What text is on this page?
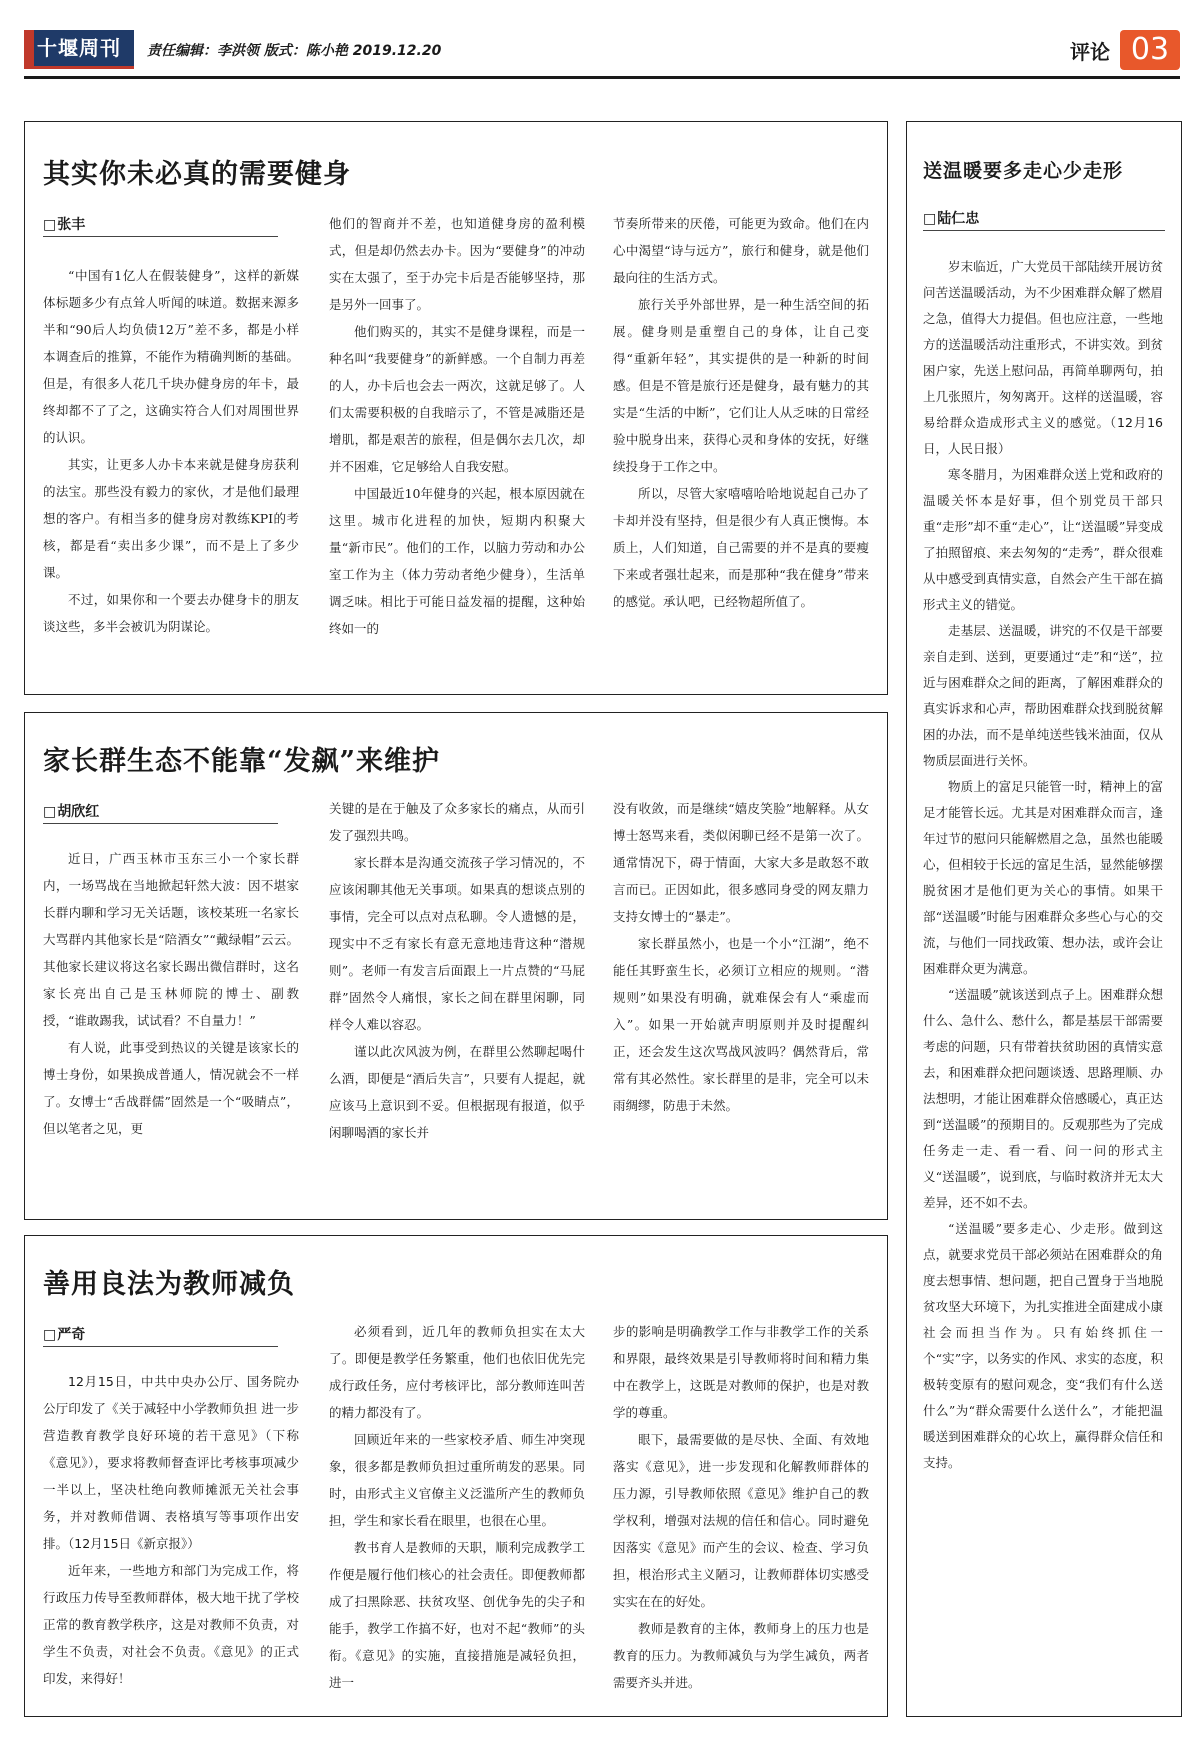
十堰周刊	责任编辑：李洪领 版式：陈小艳 2019.12.20	评论 03
其实你未必真的需要健身
□ 张丰

“中国有1亿人在假装健身”，这样的新媒体标题多少有点耸人听闻的味道。数据来源多半和“90后人均负债12万”差不多，都是小样本调查后的推算，不能作为精确判断的基础。但是，有很多人花几千块办健身房的年卡，最终却都不了了之，这确实符合人们对周围世界的认识。

其实，让更多人办卡本来就是健身房获利的法宝。那些没有毅力的家伙，才是他们最理想的客户。有相当多的健身房对教练KPI的考核，都是看“卖出多少课”，而不是上了多少课。

不过，如果你和一个要去办健身卡的朋友谈这些，多半会被讥为阴谋论。

他们的智商并不差，也知道健身房的盈利模式，但是却仍然去办卡。因为“要健身”的冲动实在太强了，至于办完卡后是否能够坚持，那是另外一回事了。

他们购买的，其实不是健身课程，而是一种名叫“我要健身”的新鲜感。一个自制力再差的人，办卡后也会去一两次，这就足够了。人们太需要积极的自我暗示了，不管是减脂还是增肌，都是艰苦的旅程，但是偶尔去几次，却并不困难，它足够给人自我安慰。

中国最近10年健身的兴起，根本原因就在这里。城市化进程的加快，短期内积聚大量“新市民”。他们的工作，以脑力劳动和办公室工作为主（体力劳动者绝少健身），生活单调乏味。相比于可能日益发福的提醒，这种始终如一的

节奏所带来的厌倦，可能更为致命。他们在内心中渴望“诗与远方”，旅行和健身，就是他们最向往的生活方式。

旅行关乎外部世界，是一种生活空间的拓展。健身则是重塑自己的身体，让自己变得“重新年轻”，其实提供的是一种新的时间感。但是不管是旅行还是健身，最有魅力的其实是“生活的中断”，它们让人从乏味的日常经验中脱身出来，获得心灵和身体的安抚，好继续投身于工作之中。

所以，尽管大家嘻嘻哈哈地说起自己办了卡却并没有坚持，但是很少有人真正懊悔。本质上，人们知道，自己需要的并不是真的要瘦下来或者强壮起来，而是那种“我在健身”带来的感觉。承认吧，已经物超所值了。

家长群生态不能靠“发飙”来维护
□ 胡欣红

近日，广西玉林市玉东三小一个家长群内，一场骂战在当地掀起轩然大波：因不堪家长群内聊和学习无关话题，该校某班一名家长大骂群内其他家长是“陪酒女”“戴绿帽”云云。其他家长建议将这名家长踢出微信群时，这名家长亮出自己是玉林师院的博士、副教授，“谁敢踢我，试试看？不自量力！”

有人说，此事受到热议的关键是该家长的博士身份，如果换成普通人，情况就会不一样了。女博士“舌战群儒”固然是一个“吸睛点”，但以笔者之见，更

关键的是在于触及了众多家长的痛点，从而引发了强烈共鸣。

家长群本是沟通交流孩子学习情况的，不应该闲聊其他无关事项。如果真的想谈点别的事情，完全可以点对点私聊。令人遗憾的是，现实中不乏有家长有意无意地违背这种“潜规则”。老师一有发言后面跟上一片点赞的“马屁群”固然令人痛恨，家长之间在群里闲聊，同样令人难以容忍。

谨以此次风波为例，在群里公然聊起喝什么酒，即便是“酒后失言”，只要有人提起，就应该马上意识到不妥。但根据现有报道，似乎闲聊喝酒的家长并

没有收敛，而是继续“嬉皮笑脸”地解释。从女博士怒骂来看，类似闲聊已经不是第一次了。通常情况下，碍于情面，大家大多是敢怒不敢言而已。正因如此，很多感同身受的网友鼎力支持女博士的“暴走”。

家长群虽然小，也是一个小“江湖”，绝不能任其野蛮生长，必须订立相应的规则。“潜规则”如果没有明确，就难保会有人“乘虚而入”。如果一开始就声明原则并及时提醒纠正，还会发生这次骂战风波吗？偶然背后，常常有其必然性。家长群里的是非，完全可以未雨绸缪，防患于未然。

善用良法为教师减负
□ 严奇

12月15日，中共中央办公厅、国务院办公厅印发了《关于减轻中小学教师负担 进一步营造教育教学良好环境的若干意见》（下称《意见》），要求将教师督查评比考核事项减少一半以上，坚决杜绝向教师摊派无关社会事务，并对教师借调、表格填写等事项作出安排。（12月15日《新京报》）

近年来，一些地方和部门为完成工作，将行政压力传导至教师群体，极大地干扰了学校正常的教育教学秩序，这是对教师不负责，对学生不负责，对社会不负责。《意见》的正式印发，来得好！

必须看到，近几年的教师负担实在太大了。即便是教学任务繁重，他们也依旧优先完成行政任务，应付考核评比，部分教师连叫苦的精力都没有了。

回顾近年来的一些家校矛盾、师生冲突现象，很多都是教师负担过重所萌发的恶果。同时，由形式主义官僚主义泛滥所产生的教师负担，学生和家长看在眼里，也很在心里。

教书育人是教师的天职，顺利完成教学工作便是履行他们核心的社会责任。即便教师都成了扫黑除恶、扶贫攻坚、创优争先的尖子和能手，教学工作搞不好，也对不起“教师”的头衔。《意见》的实施，直接措施是减轻负担，进一

步的影响是明确教学工作与非教学工作的关系和界限，最终效果是引导教师将时间和精力集中在教学上，这既是对教师的保护，也是对教学的尊重。

眼下，最需要做的是尽快、全面、有效地落实《意见》，进一步发现和化解教师群体的压力源，引导教师依照《意见》维护自己的教学权利，增强对法规的信任和信心。同时避免因落实《意见》而产生的会议、检查、学习负担，根治形式主义陋习，让教师群体切实感受实实在在的好处。

教师是教育的主体，教师身上的压力也是教育的压力。为教师减负与为学生减负，两者需要齐头并进。

送温暖要多走心少走形
□ 陆仁忠

岁末临近，广大党员干部陆续开展访贫问苦送温暖活动，为不少困难群众解了燃眉之急，值得大力提倡。但也应注意，一些地方的送温暖活动注重形式，不讲实效。到贫困户家，先送上慰问品，再简单聊两句，拍上几张照片，匆匆离开。这样的送温暖，容易给群众造成形式主义的感觉。（12月16日，人民日报）

寒冬腊月，为困难群众送上党和政府的温暖关怀本是好事，但个别党员干部只重“走形”却不重“走心”，让“送温暖”异变成了拍照留痕、来去匆匆的“走秀”，群众很难从中感受到真情实意，自然会产生干部在搞形式主义的错觉。

走基层、送温暖，讲究的不仅是干部要亲自走到、送到，更要通过“走”和“送”，拉近与困难群众之间的距离，了解困难群众的真实诉求和心声，帮助困难群众找到脱贫解困的办法，而不是单纯送些钱米油面，仅从物质层面进行关怀。

物质上的富足只能管一时，精神上的富足才能管长远。尤其是对困难群众而言，逢年过节的慰问只能解燃眉之急，虽然也能暖心，但相较于长远的富足生活，显然能够摆脱贫困才是他们更为关心的事情。如果干部“送温暖”时能与困难群众多些心与心的交流，与他们一同找政策、想办法，或许会让困难群众更为满意。

“送温暖”就该送到点子上。困难群众想什么、急什么、愁什么，都是基层干部需要考虑的问题，只有带着扶贫助困的真情实意去，和困难群众把问题谈透、思路理顺、办法想明，才能让困难群众倍感暖心，真正达到“送温暖”的预期目的。反观那些为了完成任务走一走、看一看、问一问的形式主义“送温暖”，说到底，与临时救济并无太大差异，还不如不去。

“送温暖”要多走心、少走形。做到这点，就要求党员干部必须站在困难群众的角度去想事情、想问题，把自己置身于当地脱贫攻坚大环境下，为扎实推进全面建成小康社会而担当作为。只有始终抓住一个“实”字，以务实的作风、求实的态度，积极转变原有的慰问观念，变“我们有什么送什么”为“群众需要什么送什么”，才能把温暖送到困难群众的心坎上，赢得群众信任和支持。
